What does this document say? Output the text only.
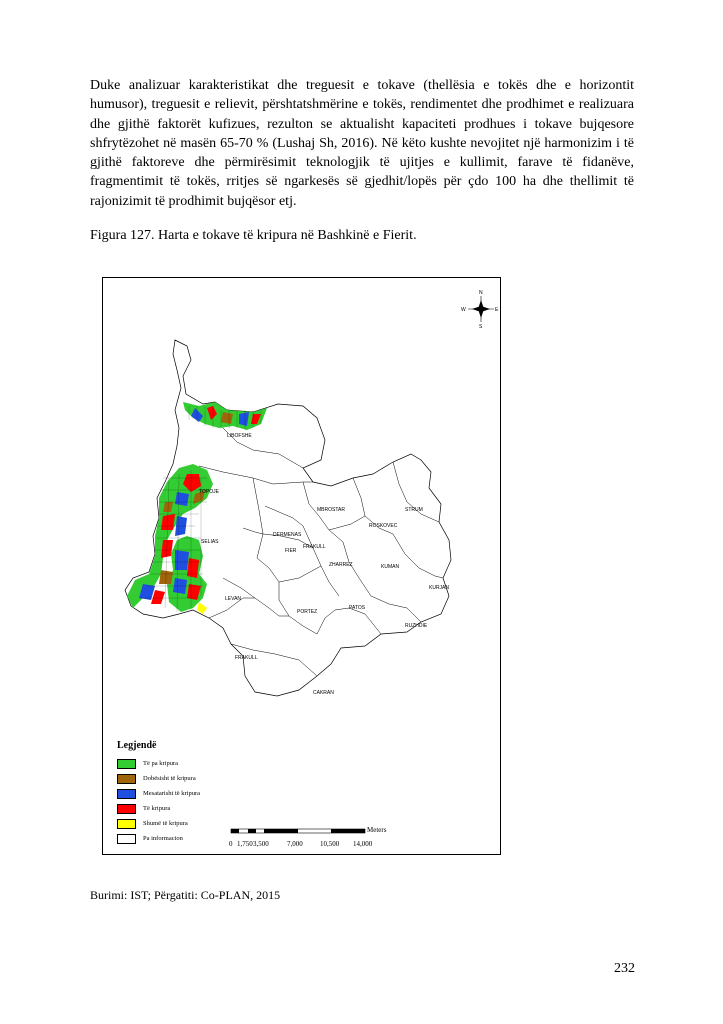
Duke analizuar karakteristikat dhe treguesit e tokave (thellësia e tokës dhe e horizontit humusor), treguesit e relievit, përshtatshmërine e tokës, rendimentet dhe prodhimet e realizuara dhe gjithë faktorët kufizues, rezulton se aktualisht kapaciteti prodhues i tokave bujqesore shfrytëzohet në masën 65-70 % (Lushaj Sh, 2016). Në këto kushte nevojitet një harmonizim i të gjithë faktoreve dhe përmirësimit teknologjik të ujitjes e kullimit, farave të fidanëve, fragmentimit të tokës, rritjes së ngarkesës së gjedhit/lopës për çdo 100 ha dhe thellimit të rajonizimit të prodhimit bujqësor etj.

Figura 127. Harta e tokave të kripura në Bashkinë e Fierit.

N
S
E
W
LIBOFSHE
TOPOJE
MBROSTAR	STRUM
ROSKOVEC
FIER
FRAKULL
ZHARREZ	KUMAN
KURJAN
LEVAN
PORTEZ
PATOS
RUZHDIE
FRAKULL
CAKRAN
DERMENAS
SELIAS
Legjendë
Të pa kripura
Dobësisht të kripura
Mesatarisht të kripura
Të kripura
Shumë të kripura
Pa informacion
Meters
0 1,750 3,500	7,000 10,500 14,000
Burimi: IST; Përgatiti: Co-PLAN, 2015
232
